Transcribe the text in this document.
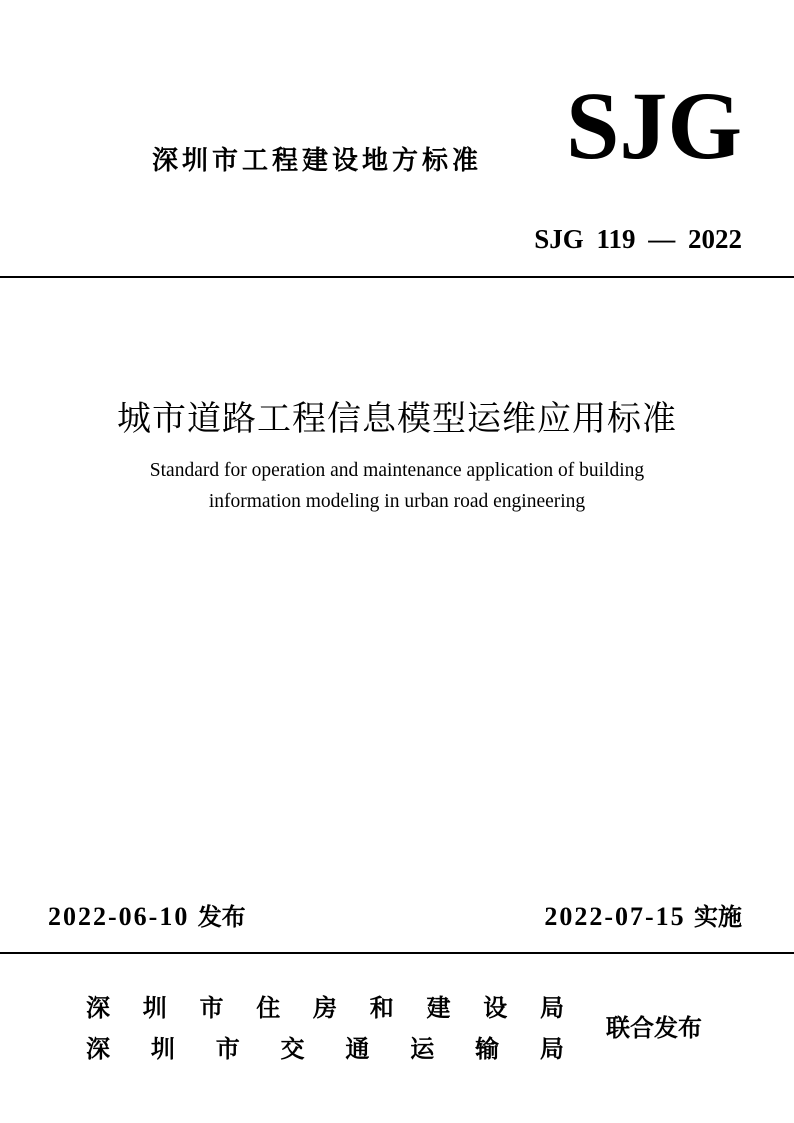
深圳市工程建设地方标准 SJG
SJG 119 — 2022
城市道路工程信息模型运维应用标准
Standard for operation and maintenance application of building
information modeling in urban road engineering
2022-06-10 发布	2022-07-15 实施
深 圳 市 住 房 和 建 设 局
深 圳 市 交 通 运 输 局
联合发布
